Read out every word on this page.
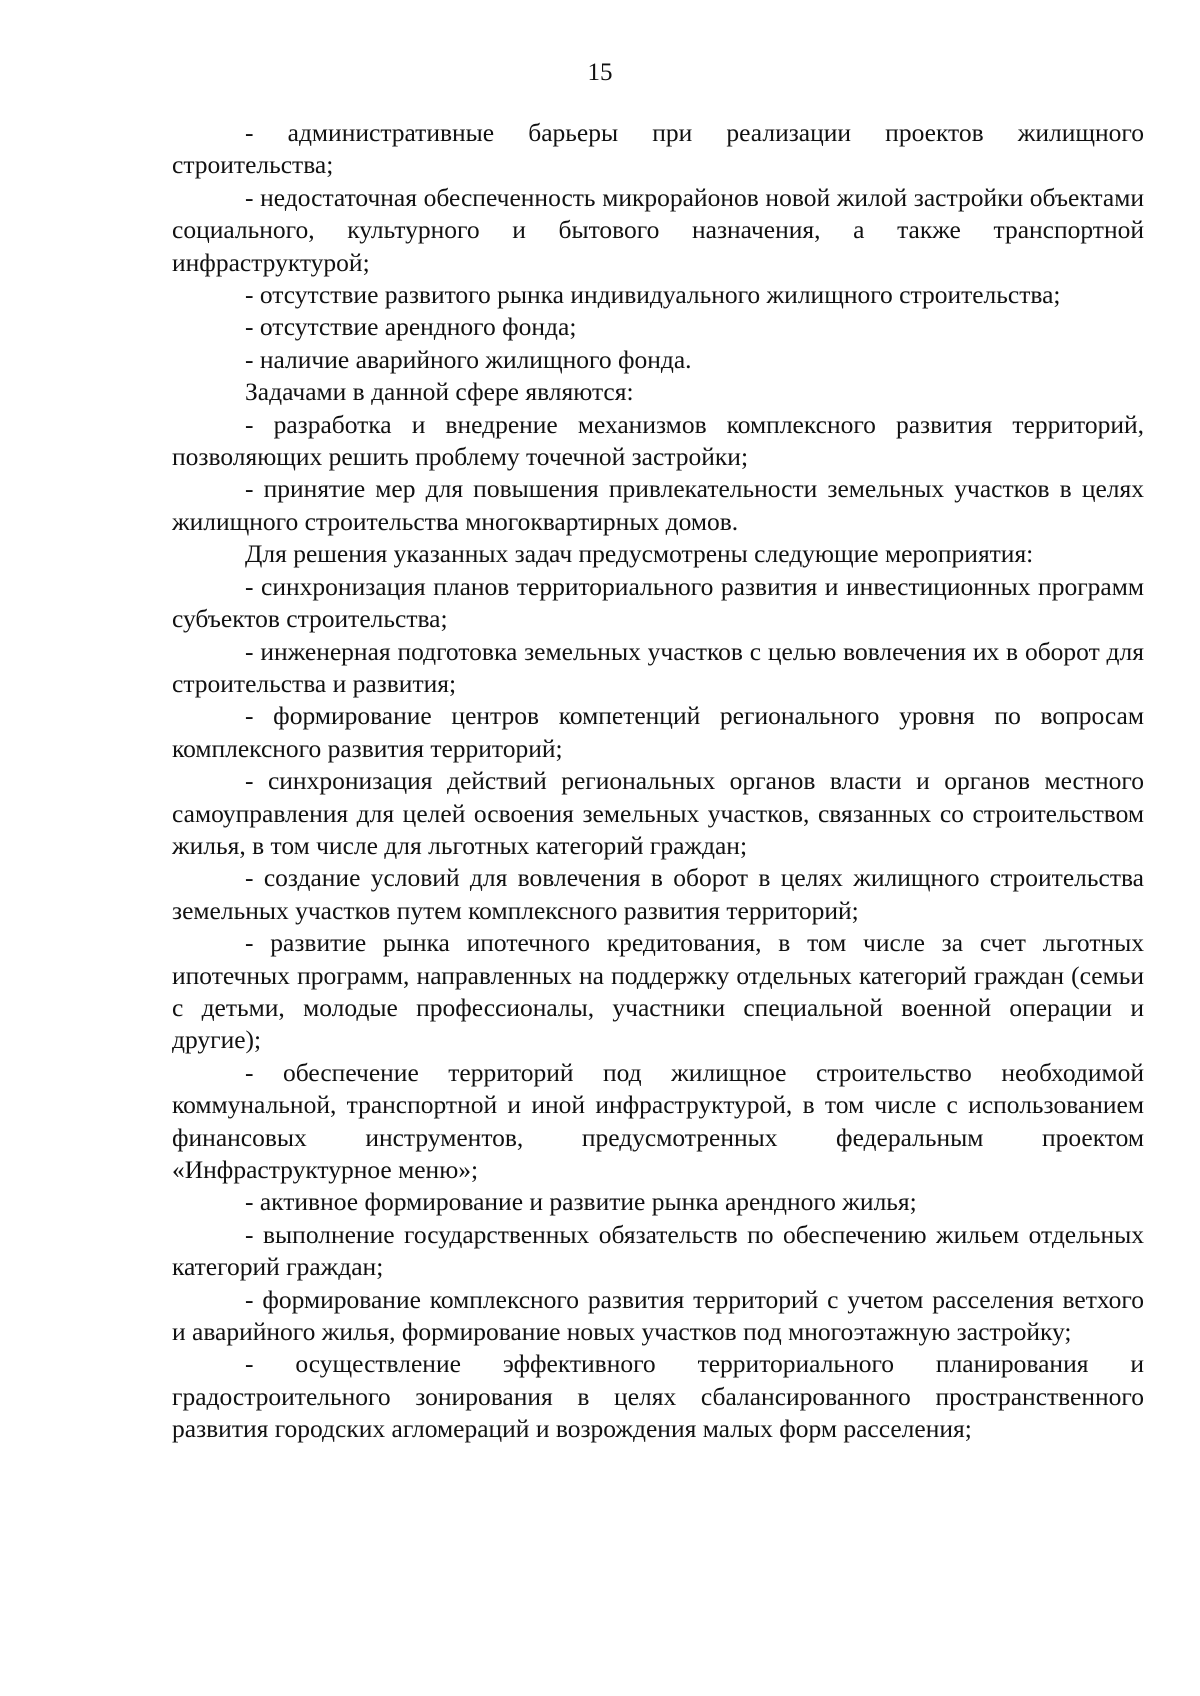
15

- административные барьеры при реализации проектов жилищного строительства;

- недостаточная обеспеченность микрорайонов новой жилой застройки объектами социального, культурного и бытового назначения, а также транспортной инфраструктурой;

- отсутствие развитого рынка индивидуального жилищного строительства;

- отсутствие арендного фонда;

- наличие аварийного жилищного фонда.

Задачами в данной сфере являются:

- разработка и внедрение механизмов комплексного развития территорий, позволяющих решить проблему точечной застройки;

- принятие мер для повышения привлекательности земельных участков в целях жилищного строительства многоквартирных домов.

Для решения указанных задач предусмотрены следующие мероприятия:

- синхронизация планов территориального развития и инвестиционных программ субъектов строительства;

- инженерная подготовка земельных участков с целью вовлечения их в оборот для строительства и развития;

- формирование центров компетенций регионального уровня по вопросам комплексного развития территорий;

- синхронизация действий региональных органов власти и органов местного самоуправления для целей освоения земельных участков, связанных со строительством жилья, в том числе для льготных категорий граждан;

- создание условий для вовлечения в оборот в целях жилищного строительства земельных участков путем комплексного развития территорий;

- развитие рынка ипотечного кредитования, в том числе за счет льготных ипотечных программ, направленных на поддержку отдельных категорий граждан (семьи с детьми, молодые профессионалы, участники специальной военной операции и другие);

- обеспечение территорий под жилищное строительство необходимой коммунальной, транспортной и иной инфраструктурой, в том числе с использованием финансовых инструментов, предусмотренных федеральным проектом «Инфраструктурное меню»;

- активное формирование и развитие рынка арендного жилья;

- выполнение государственных обязательств по обеспечению жильем отдельных категорий граждан;

- формирование комплексного развития территорий с учетом расселения ветхого и аварийного жилья, формирование новых участков под многоэтажную застройку;

- осуществление эффективного территориального планирования и градостроительного зонирования в целях сбалансированного пространственного развития городских агломераций и возрождения малых форм расселения;
